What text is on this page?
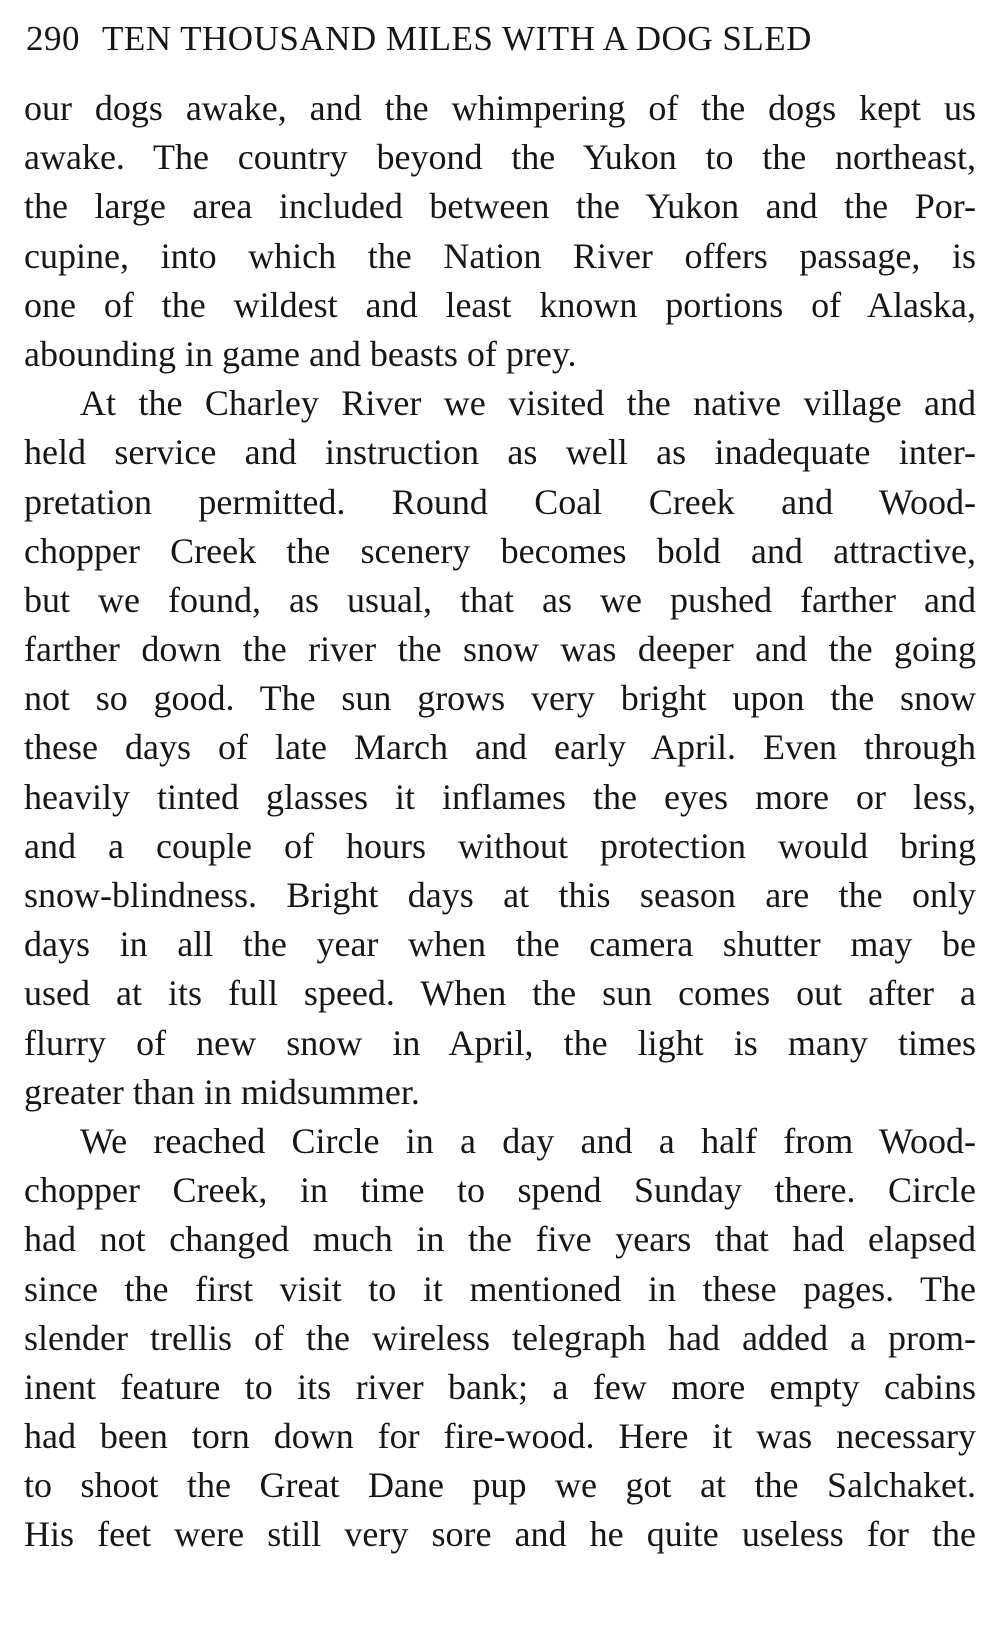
290 TEN THOUSAND MILES WITH A DOG SLED
our dogs awake, and the whimpering of the dogs kept us
awake. The country beyond the Yukon to the northeast,
the large area included between the Yukon and the Por-
cupine, into which the Nation River offers passage, is
one of the wildest and least known portions of Alaska,
abounding in game and beasts of prey.
At the Charley River we visited the native village and
held service and instruction as well as inadequate inter-
pretation permitted. Round Coal Creek and Wood-
chopper Creek the scenery becomes bold and attractive,
but we found, as usual, that as we pushed farther and
farther down the river the snow was deeper and the going
not so good. The sun grows very bright upon the snow
these days of late March and early April. Even through
heavily tinted glasses it inflames the eyes more or less,
and a couple of hours without protection would bring
snow-blindness. Bright days at this season are the only
days in all the year when the camera shutter may be
used at its full speed. When the sun comes out after a
flurry of new snow in April, the light is many times
greater than in midsummer.
We reached Circle in a day and a half from Wood-
chopper Creek, in time to spend Sunday there. Circle
had not changed much in the five years that had elapsed
since the first visit to it mentioned in these pages. The
slender trellis of the wireless telegraph had added a prom-
inent feature to its river bank; a few more empty cabins
had been torn down for fire-wood. Here it was necessary
to shoot the Great Dane pup we got at the Salchaket.
His feet were still very sore and he quite useless for the
